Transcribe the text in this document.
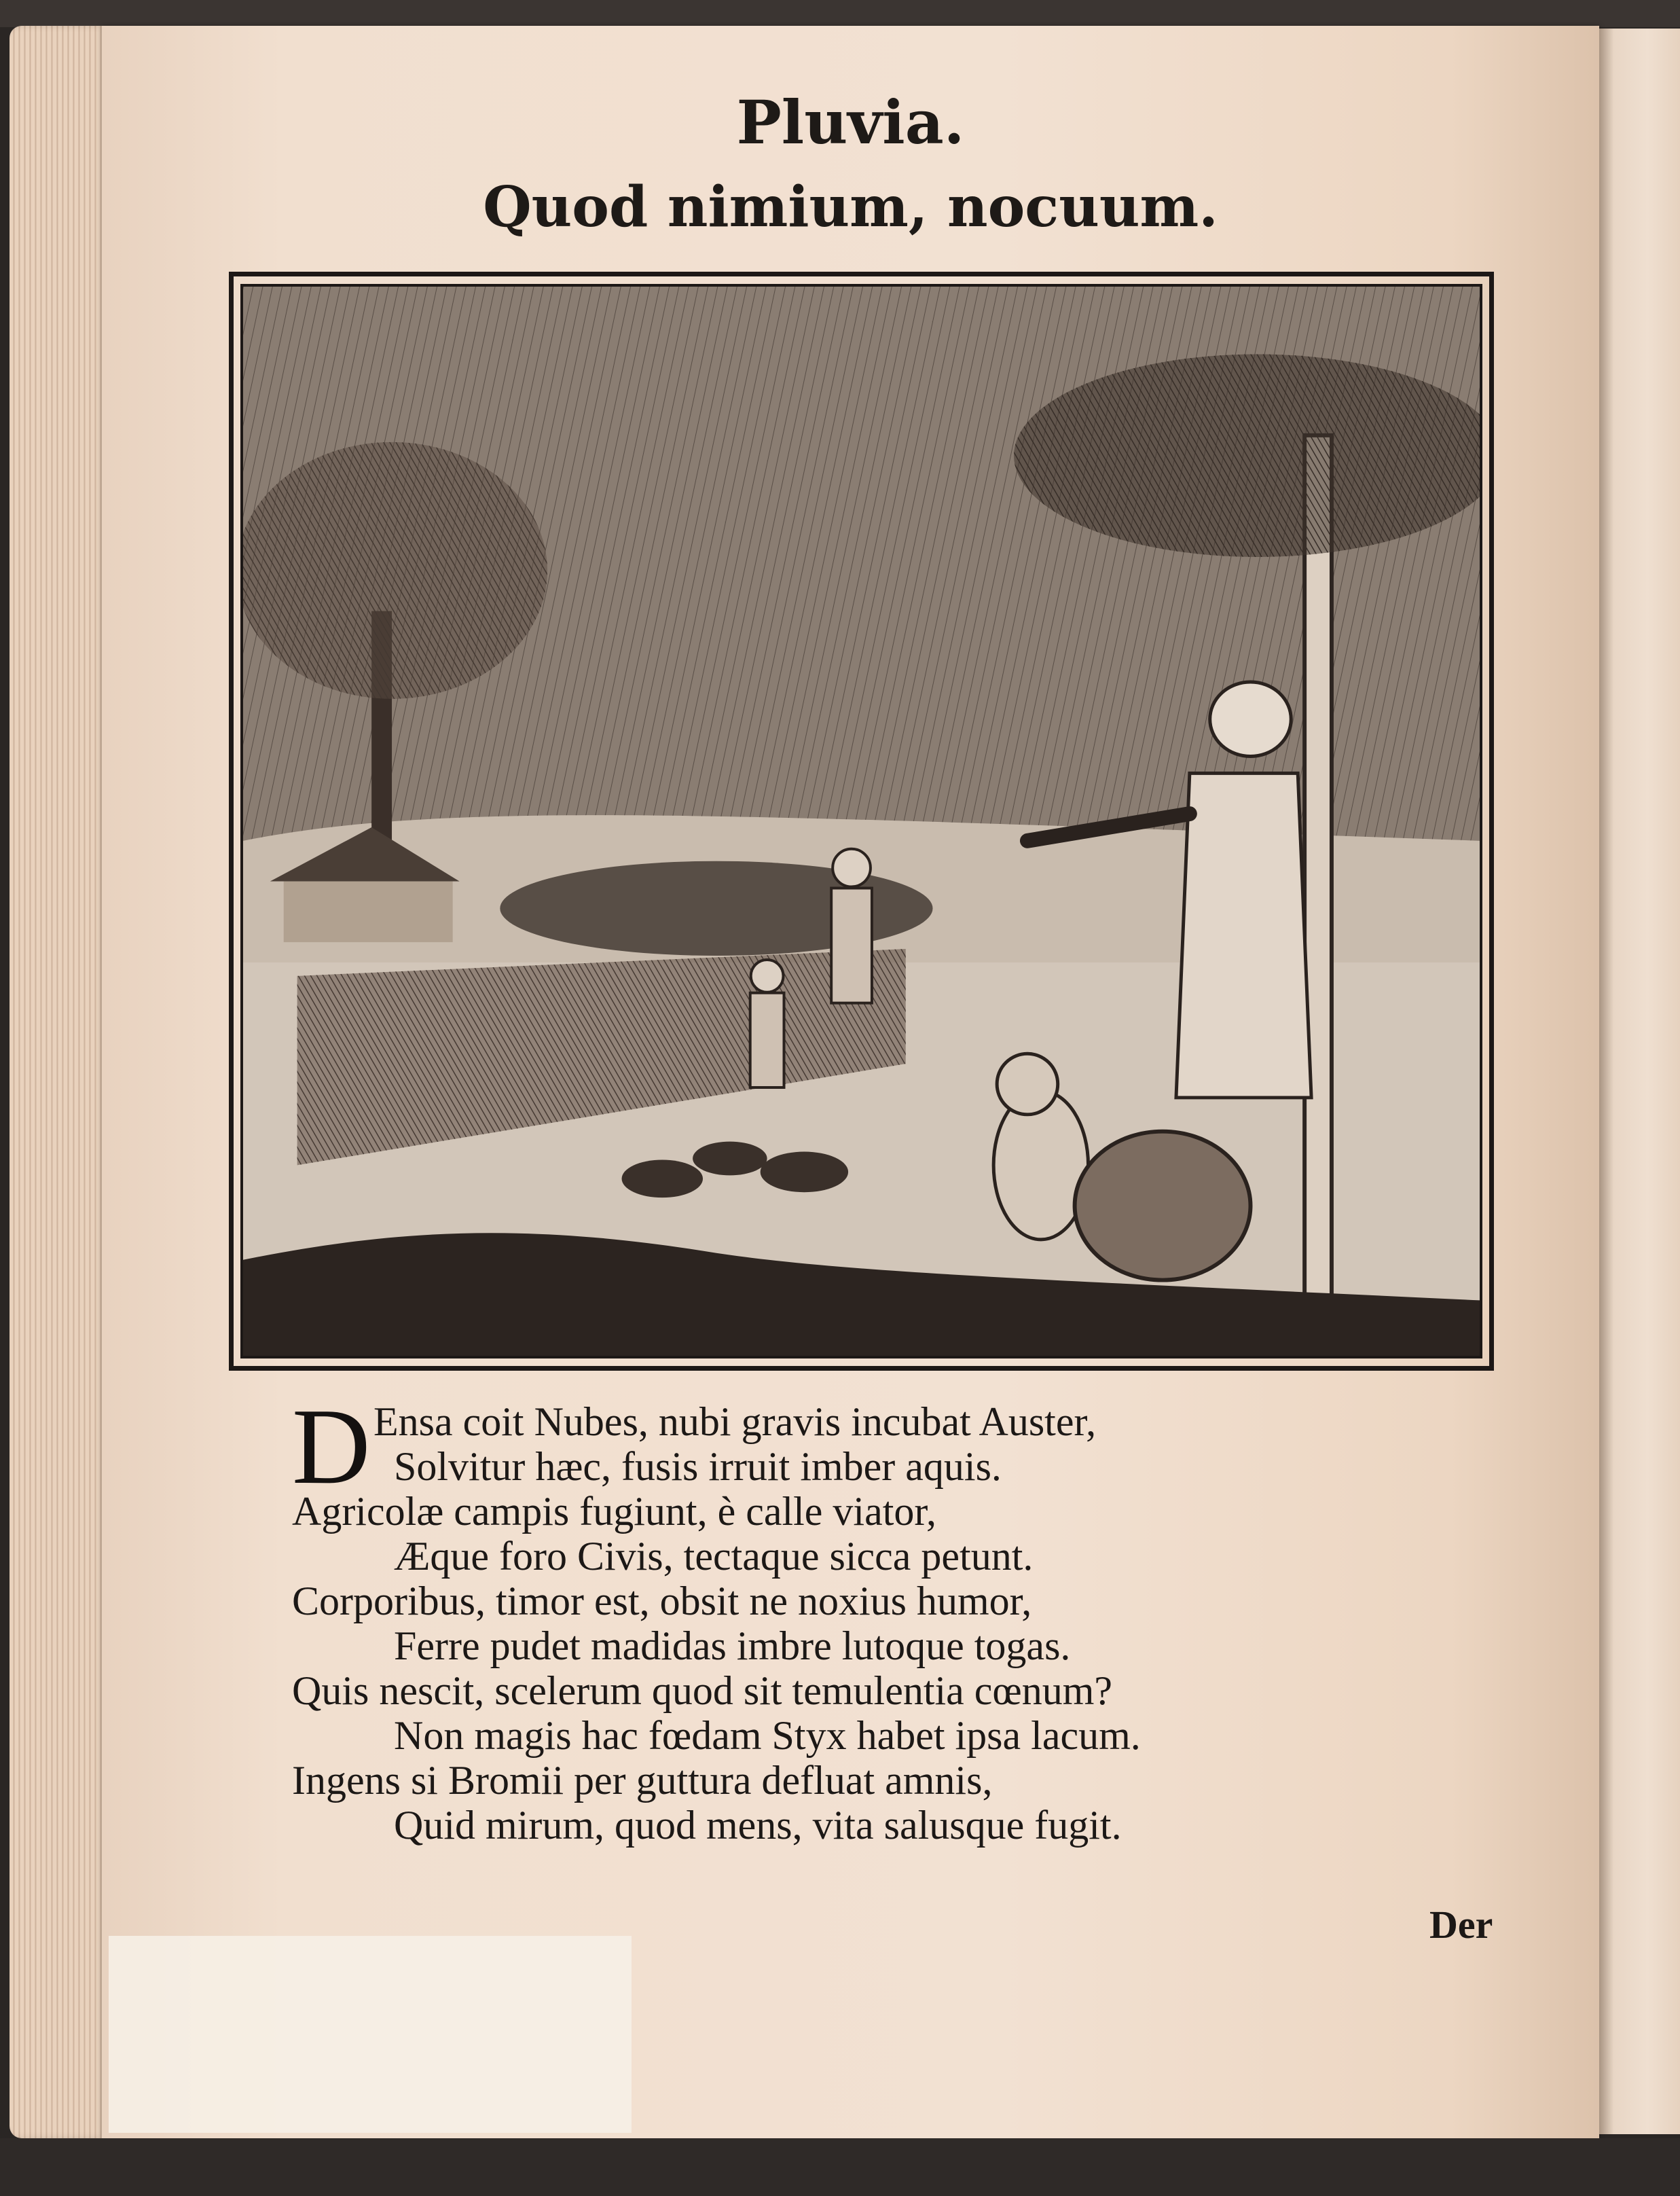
Pluvia.
Quod nimium, nocuum.
D Ensa coit Nubes, nubi gravis incubat Auster,
Solvitur hæc, fusis irruit imber aquis.
Agricolæ campis fugiunt, è calle viator,
Æque foro Civis, tectaque sicca petunt.
Corporibus, timor est, obsit ne noxius humor,
Ferre pudet madidas imbre lutoque togas.
Quis nescit, scelerum quod sit temulentia cœnum?
Non magis hac fœdam Styx habet ipsa lacum.
Ingens si Bromii per guttura defluat amnis,
Quid mirum, quod mens, vita salusque fugit.
Der
